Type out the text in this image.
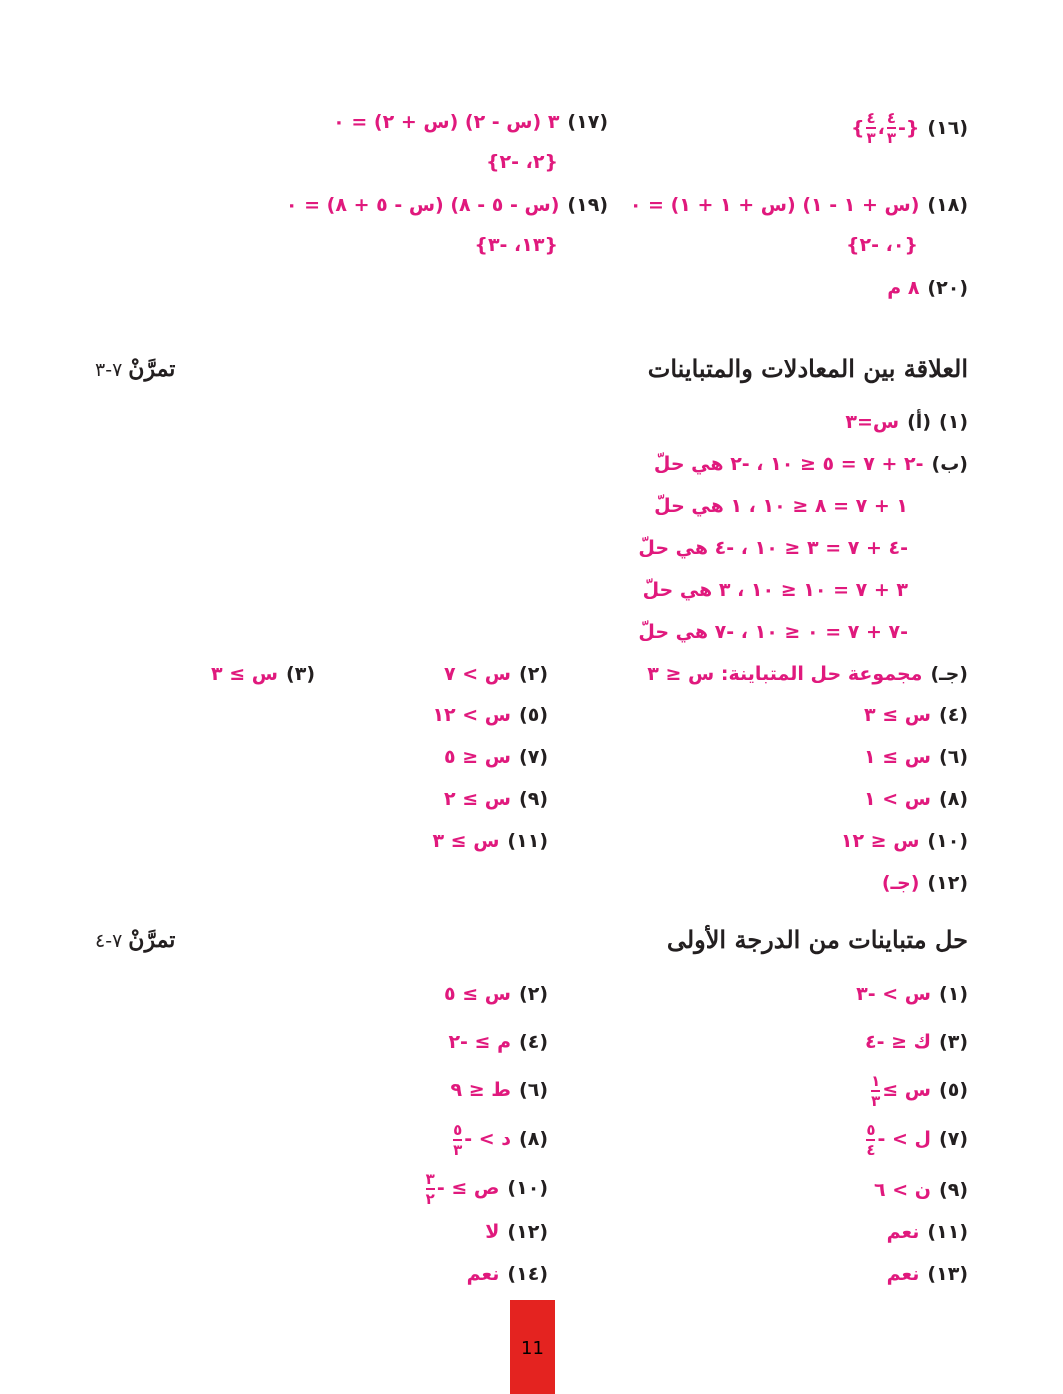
(١٦){-
$\frac{٤}{٣}$
،
$\frac{٤}{٣}$
}
(١٧)٣ (س - ٢) (س + ٢) = ٠
{٢، -٢}
(١٨)(س + ١ - ١) (س + ١ + ١) = ٠
{٠، -٢}
(١٩)(س - ٥ - ٨) (س - ٥ + ٨) = ٠
{١٣، -٣}
(٢٠)٨ م
العلاقة بين المعادلات والمتباينات
تمرَّنْ٧-٣
(١)(أ)س=٣
(ب)-٢ + ٧ = ٥ ≤ ١٠ ، -٢ هي حلّ
١ + ٧ = ٨ ≤ ١٠ ، ١ هي حلّ
-٤ + ٧ = ٣ ≤ ١٠ ، -٤ هي حلّ
٣ + ٧ = ١٠ ≤ ١٠ ، ٣ هي حلّ
-٧ + ٧ = ٠ ≤ ١٠ ، -٧ هي حلّ
(جـ)مجموعة حل المتباينة: س ≤ ٣
(٢)س > ٧
(٣)س ≥ ٣
(٤)س ≥ ٣
(٥)س > ١٢
(٦)س ≥ ١
(٧)س ≤ ٥
(٨)س > ١
(٩)س ≥ ٢
(١٠)س ≤ ١٢
(١١)س ≥ ٣
(١٢)(جـ)
حل متباينات من الدرجة الأولى
تمرَّنْ٧-٤
(١)س > -٣
(٢)س ≥ ٥
(٣)ك ≤ -٤
(٤)م ≥ -٢
(٥)س ≥
$\frac{١}{٣}$
(٦)ط ≤ ٩
(٧)ل > -
$\frac{٥}{٤}$
(٨)د > -
$\frac{٥}{٣}$
(٩)ن > ٦
(١٠)ص ≥ -
$\frac{٣}{٢}$
(١١)نعم
(١٢)لا
(١٣)نعم
(١٤)نعم
11
